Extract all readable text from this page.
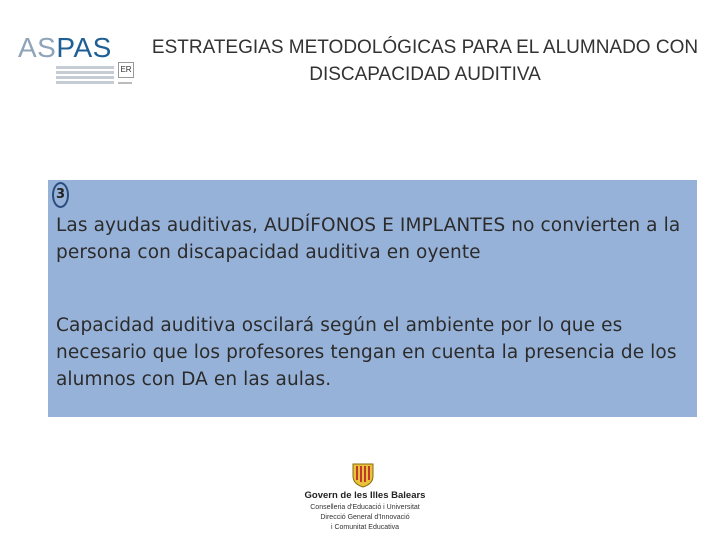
ASPAS
ER
ESTRATEGIAS METODOLÓGICAS PARA EL ALUMNADO CON
DISCAPACIDAD AUDITIVA
3
Las ayudas auditivas, AUDÍFONOS E IMPLANTES no convierten a la persona con discapacidad auditiva en oyente
Capacidad auditiva oscilará según el ambiente por lo que es necesario que los profesores tengan en cuenta la presencia de los alumnos con DA en las aulas.
Govern de les Illes Balears
Conselleria d'Educació i Universitat
Direcció General d'Innovació
i Comunitat Educativa
